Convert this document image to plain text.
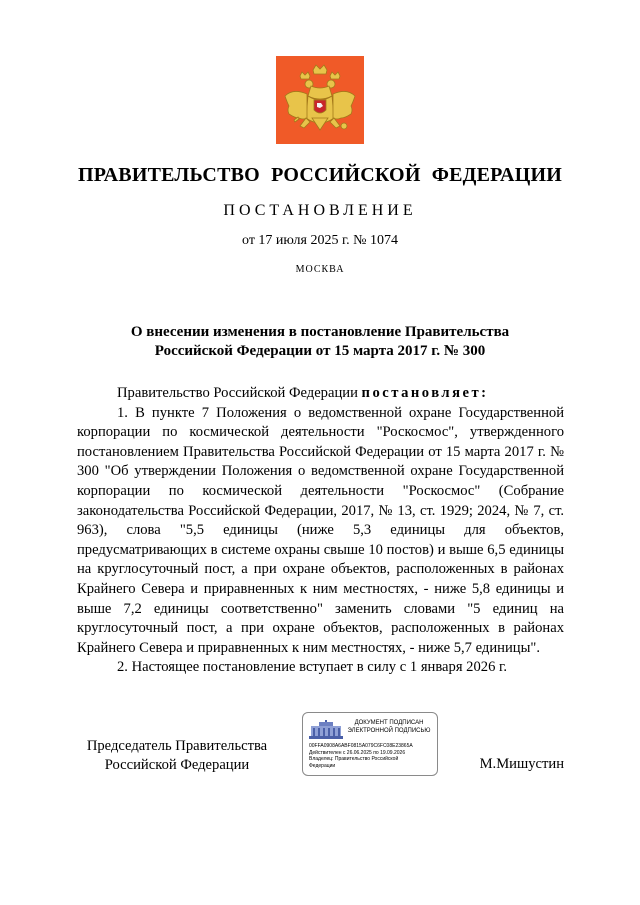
ПРАВИТЕЛЬСТВО РОССИЙСКОЙ ФЕДЕРАЦИИ
ПОСТАНОВЛЕНИЕ
от 17 июля 2025 г. № 1074
МОСКВА
О внесении изменения в постановление Правительства
Российской Федерации от 15 марта 2017 г. № 300

Правительство Российской Федерации постановляет:

1. В пункте 7 Положения о ведомственной охране Государственной корпорации по космической деятельности "Роскосмос", утвержденного постановлением Правительства Российской Федерации от 15 марта 2017 г. № 300 "Об утверждении Положения о ведомственной охране Государственной корпорации по космической деятельности "Роскосмос" (Собрание законодательства Российской Федерации, 2017, № 13, ст. 1929; 2024, № 7, ст. 963), слова "5,5 единицы (ниже 5,3 единицы для объектов, предусматривающих в системе охраны свыше 10 постов) и выше 6,5 единицы на круглосуточный пост, а при охране объектов, расположенных в районах Крайнего Севера и приравненных к ним местностях, - ниже 5,8 единицы и выше 7,2 единицы соответственно" заменить словами "5 единиц на круглосуточный пост, а при охране объектов, расположенных в районах Крайнего Севера и приравненных к ним местностях, - ниже 5,7 единицы".

2. Настоящее постановление вступает в силу с 1 января 2026 г.

Председатель Правительства
Российской Федерации
ДОКУМЕНТ ПОДПИСАН
ЭЛЕКТРОННОЙ ПОДПИСЬЮ
00FFA0908A6ABF0815A079C6FC08E23865A
Действителен с 26.06.2025 по 19.09.2026
Владелец: Правительство Российской
Федерации	М.Мишустин
